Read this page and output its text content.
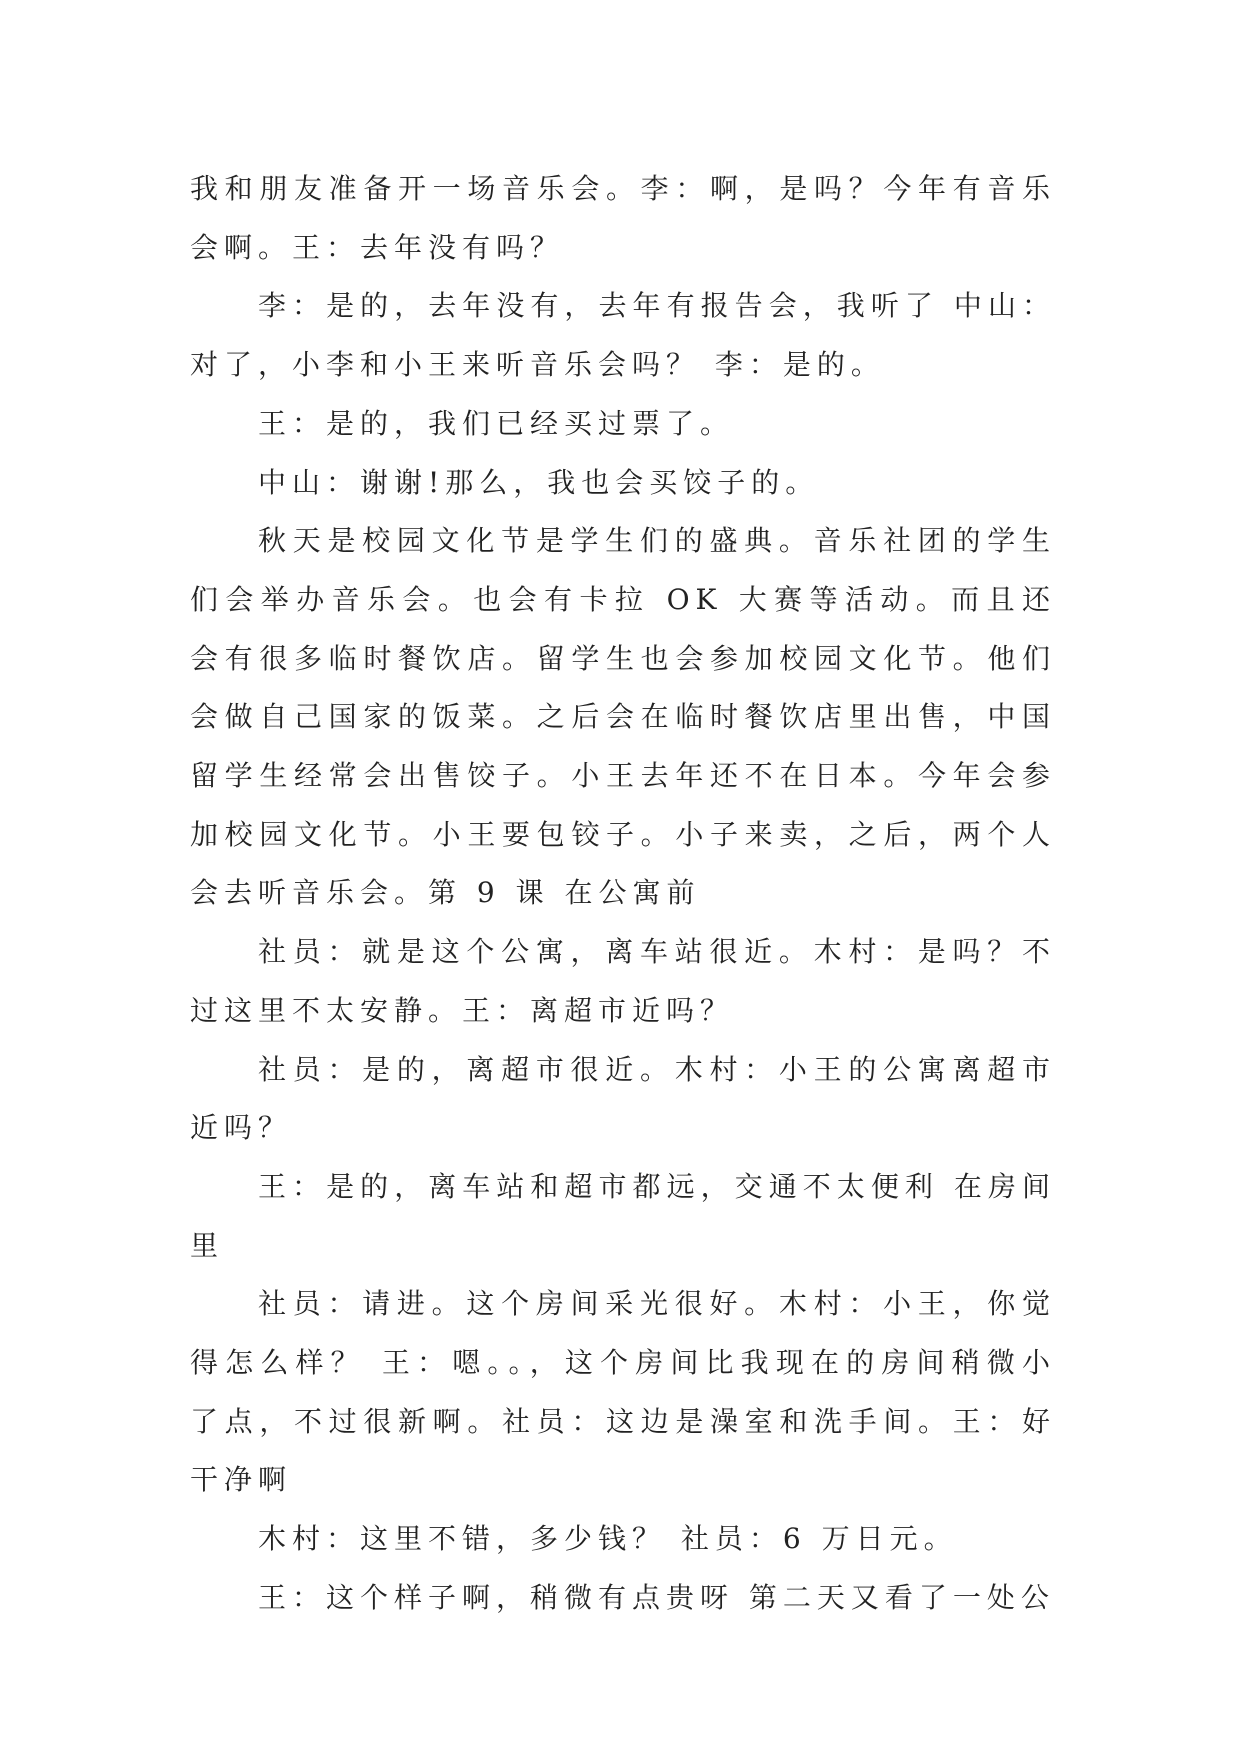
我和朋友准备开一场音乐会。李：啊，是吗？今年有音乐会啊。王：去年没有吗？

李：是的，去年没有，去年有报告会，我听了 中山：对了，小李和小王来听音乐会吗？ 李：是的。

王：是的，我们已经买过票了。

中山：谢谢!那么，我也会买饺子的。

秋天是校园文化节是学生们的盛典。音乐社团的学生们会举办音乐会。也会有卡拉 OK 大赛等活动。而且还会有很多临时餐饮店。留学生也会参加校园文化节。他们会做自己国家的饭菜。之后会在临时餐饮店里出售，中国留学生经常会出售饺子。小王去年还不在日本。今年会参加校园文化节。小王要包铰子。小子来卖，之后，两个人会去听音乐会。第 9 课 在公寓前

社员：就是这个公寓，离车站很近。木村：是吗？不过这里不太安静。王：离超市近吗？

社员：是的，离超市很近。木村：小王的公寓离超市近吗？

王：是的，离车站和超市都远，交通不太便利 在房间里

社员：请进。这个房间采光很好。木村：小王，你觉得怎么样？ 王：嗯。。，这个房间比我现在的房间稍微小了点，不过很新啊。社员：这边是澡室和洗手间。王：好干净啊

木村：这里不错，多少钱？ 社员：6 万日元。

王：这个样子啊，稍微有点贵呀 第二天又看了一处公
